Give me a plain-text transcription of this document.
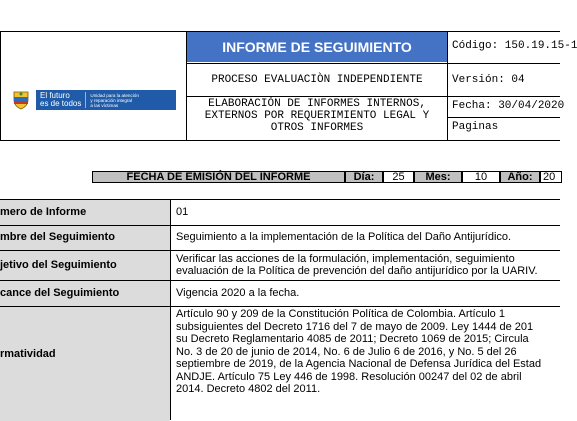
El futuro
es de todos
Unidad para la atención
y reparación integral
a las víctimas
INFORME DE SEGUIMIENTO	Código: 150.19.15-1
PROCESO EVALUACIÒN INDEPENDIENTE	Versión: 04
ELABORACIÓN DE INFORMES INTERNOS,
EXTERNOS POR REQUERIMIENTO LEGAL Y
OTROS INFORMES
Fecha: 30/04/2020
Paginas
FECHA DE EMISIÓN DEL INFORME	Día:	25	Mes:	10	Año: 20
mero de Informe	01
mbre del Seguimiento	Seguimiento a la implementación de la Política del Daño Antijurídico.
jetivo del Seguimiento	Verificar las acciones de la formulación, implementación, seguimiento
evaluación de la Política de prevención del daño antijurídico por la UARIV.
cance del Seguimiento	Vigencia 2020 a la fecha.
rmatividad
Artículo 90 y 209 de la Constitución Política de Colombia. Artículo 1
subsiguientes del Decreto 1716 del 7 de mayo de 2009. Ley 1444 de 201
su Decreto Reglamentario 4085 de 2011; Decreto 1069 de 2015; Circula
No. 3 de 20 de junio de 2014, No. 6 de Julio 6 de 2016, y No. 5 del 26
septiembre de 2019, de la Agencia Nacional de Defensa Jurídica del Estad
ANDJE. Artículo 75 Ley 446 de 1998. Resolución 00247 del 02 de abril
2014. Decreto 4802 del 2011.
